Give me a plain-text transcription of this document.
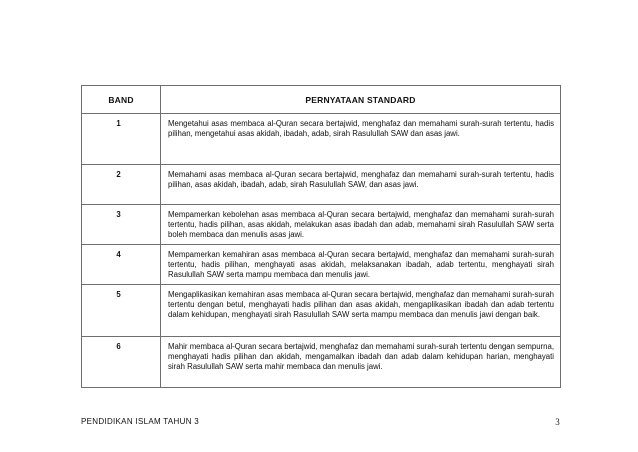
BAND	PERNYATAAN STANDARD
1	Mengetahui asas membaca al-Quran secara bertajwid, menghafaz dan memahami surah-surah tertentu, hadis pilihan, mengetahui asas akidah, ibadah, adab, sirah Rasulullah SAW dan asas jawi.
2	Memahami asas membaca al-Quran secara bertajwid, menghafaz dan memahami surah-surah tertentu, hadis pilihan, asas akidah, ibadah, adab, sirah Rasulullah SAW, dan asas jawi.
3	Mempamerkan kebolehan asas membaca al-Quran secara bertajwid, menghafaz dan memahami surah-surah tertentu, hadis pilihan, asas akidah, melakukan asas ibadah dan adab, memahami sirah Rasulullah SAW serta boleh membaca dan menulis asas jawi.
4	Mempamerkan kemahiran asas membaca al-Quran secara bertajwid, menghafaz dan memahami surah-surah tertentu, hadis pilihan, menghayati asas akidah, melaksanakan ibadah, adab tertentu, menghayati sirah Rasulullah SAW serta mampu membaca dan menulis jawi.
5	Mengaplikasikan kemahiran asas membaca al-Quran secara bertajwid, menghafaz dan memahami surah-surah tertentu dengan betul, menghayati hadis pilihan dan asas akidah, mengaplikasikan ibadah dan adab tertentu dalam kehidupan, menghayati sirah Rasulullah SAW serta mampu membaca dan menulis jawi dengan baik.
6	Mahir membaca al-Quran secara bertajwid, menghafaz dan memahami surah-surah tertentu dengan sempurna, menghayati hadis pilihan dan akidah, mengamalkan ibadah dan adab dalam kehidupan harian, menghayati sirah Rasulullah SAW serta mahir membaca dan menulis jawi.
PENDIDIKAN ISLAM TAHUN 3	3
